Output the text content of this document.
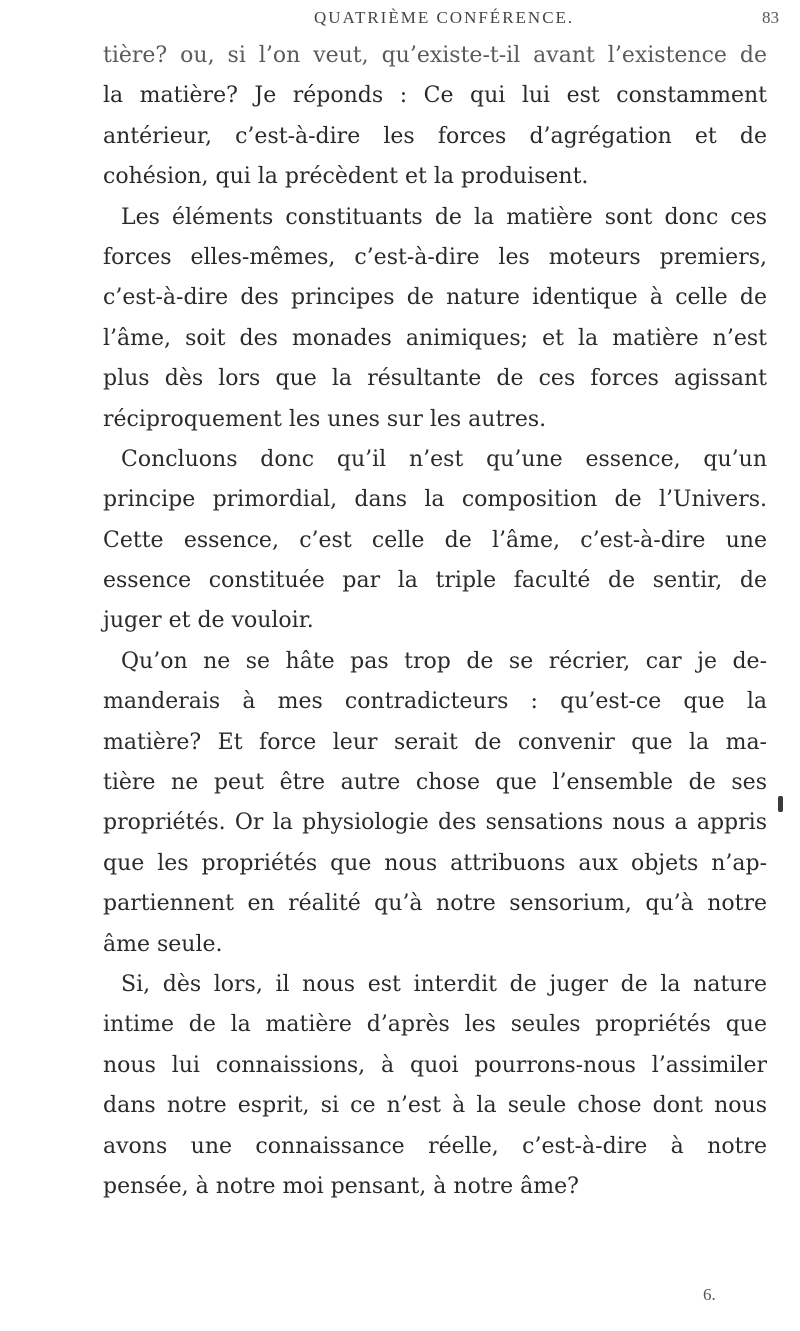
QUATRIÈME CONFÉRENCE.	83
tière? ou, si l’on veut, qu’existe-t-il avant l’existence de
la matière? Je réponds : Ce qui lui est constamment
antérieur, c’est-à-dire les forces d’agrégation et de
cohésion, qui la précèdent et la produisent.
Les éléments constituants de la matière sont donc ces
forces elles-mêmes, c’est-à-dire les moteurs premiers,
c’est-à-dire des principes de nature identique à celle de
l’âme, soit des monades animiques; et la matière n’est
plus dès lors que la résultante de ces forces agissant
réciproquement les unes sur les autres.
Concluons donc qu’il n’est qu’une essence, qu’un
principe primordial, dans la composition de l’Univers.
Cette essence, c’est celle de l’âme, c’est-à-dire une
essence constituée par la triple faculté de sentir, de
juger et de vouloir.
Qu’on ne se hâte pas trop de se récrier, car je de-
manderais à mes contradicteurs : qu’est-ce que la
matière? Et force leur serait de convenir que la ma-
tière ne peut être autre chose que l’ensemble de ses
propriétés. Or la physiologie des sensations nous a appris
que les propriétés que nous attribuons aux objets n’ap-
partiennent en réalité qu’à notre sensorium, qu’à notre
âme seule.
Si, dès lors, il nous est interdit de juger de la nature
intime de la matière d’après les seules propriétés que
nous lui connaissions, à quoi pourrons-nous l’assimiler
dans notre esprit, si ce n’est à la seule chose dont nous
avons une connaissance réelle, c’est-à-dire à notre
pensée, à notre moi pensant, à notre âme?
6.
